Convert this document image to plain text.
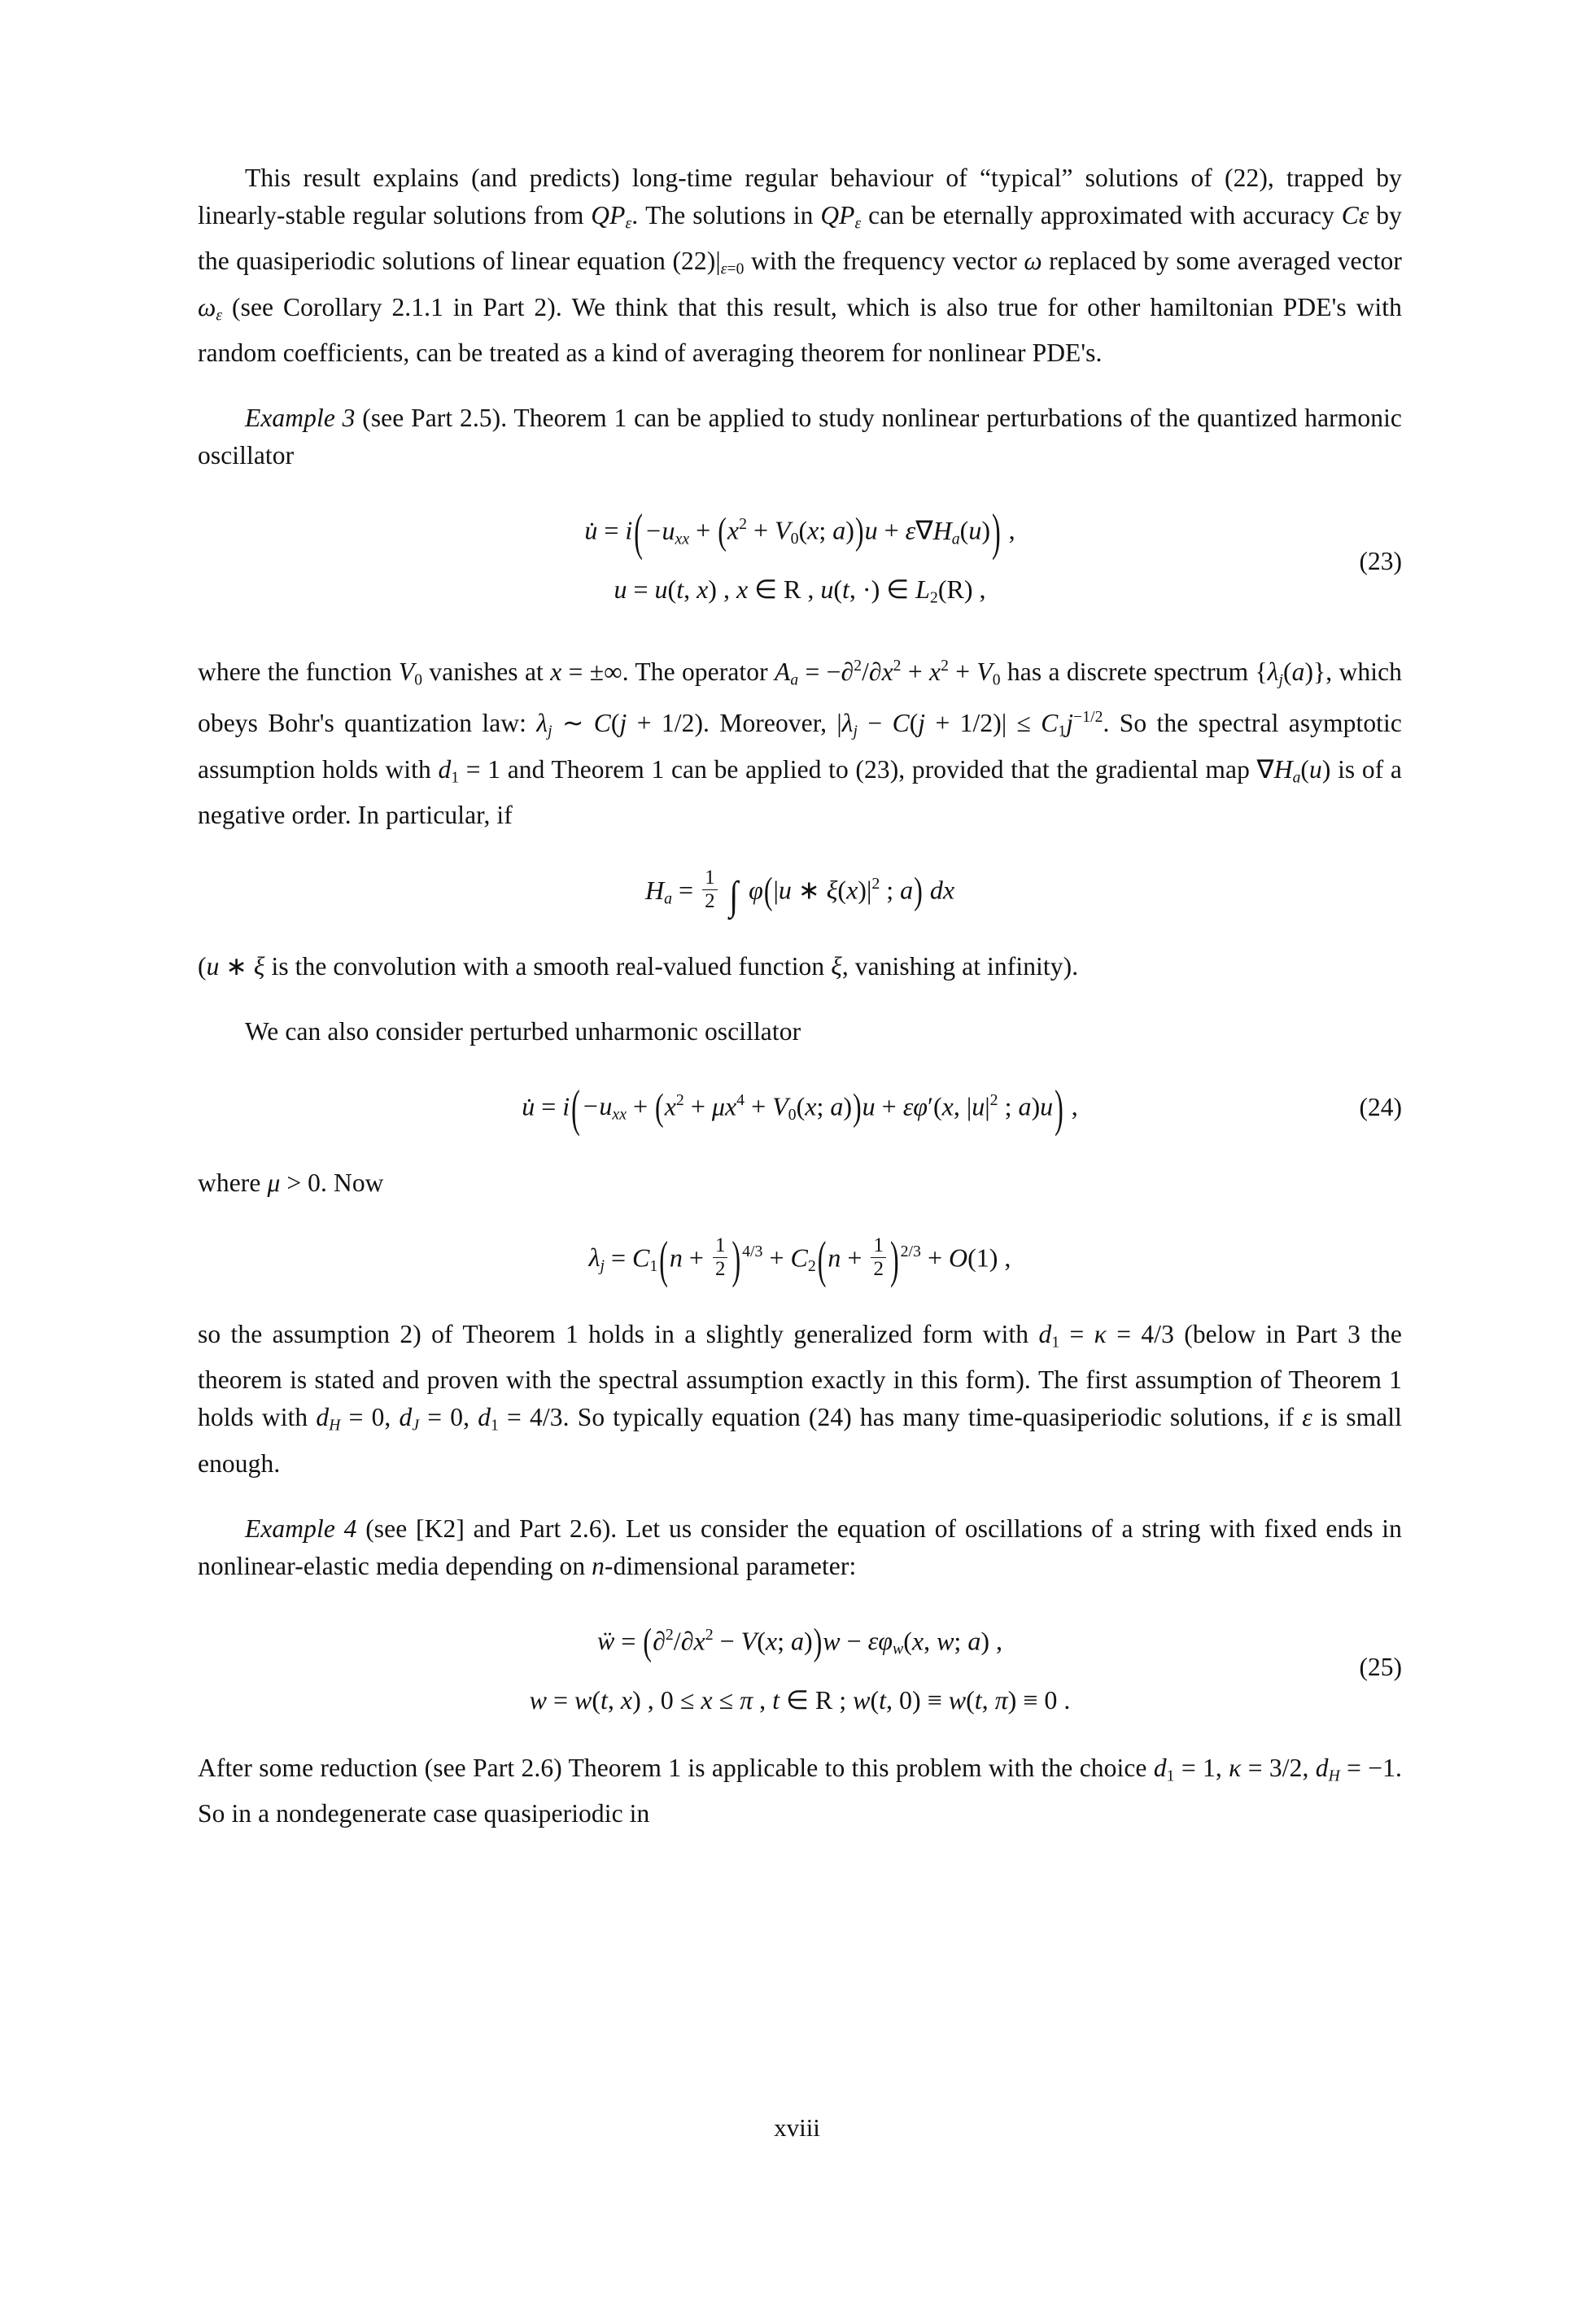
This result explains (and predicts) long-time regular behaviour of “typical” solutions of (22), trapped by linearly-stable regular solutions from $QP_\varepsilon$. The solutions in $QP_\varepsilon$ can be eternally approximated with accuracy Cε by the quasiperiodic solutions of linear equation $(22)|_{\varepsilon=0}$ with the frequency vector ω replaced by some averaged vector $\omega_\varepsilon$ (see Corollary 2.1.1 in Part 2). We think that this result, which is also true for other hamiltonian PDE's with random coefficients, can be treated as a kind of averaging theorem for nonlinear PDE's.

Example 3 (see Part 2.5). Theorem 1 can be applied to study nonlinear perturbations of the quantized harmonic oscillator

u̇ = $i(-u_{xx} + (x^2 + V_0(x$; $a))u + \varepsilon\nabla H_a(u)$) ,
u = u(t, x) , x ∈ R , u(t, ·) ∈ $L_2(R)$ ,
(23)

where the function $V_0$ vanishes at x = ±∞. The operator $A_a = -\partial^2/\partial x^2 + x^2 + V_0$ has a discrete spectrum $\{\lambda_j(a)\}$, which obeys Bohr's quantization law: $\lambda_j$ ∼ C(j + 1/2). Moreover, $|\lambda_j - C(j + 1/2)| \le C_1j^{-1/2}$. So the spectral asymptotic assumption holds with $d_1 = 1$ and Theorem 1 can be applied to (23), provided that the gradiental map $\nabla H_a(u)$ is of a negative order. In particular, if

$H_a = \frac{1}{2}$ ∫ φ(|u ∗ $\xi(x)|^2$ ; a) dx

(u ∗ ξ is the convolution with a smooth real-valued function ξ, vanishing at infinity).

We can also consider perturbed unharmonic oscillator

u̇ = $i(-u_{xx} + (x^2 + \mu x^4 + V_0(x$; a))u + εφ′(x, $|u|^2$ ; a)u) ,	(24)

where μ > 0. Now

$\lambda_j = C_1(n + \frac{1}{2}$ ) $^{4/3} + C_2(n + \frac{1}{2}$ ) $^{2/3}$ + O(1) ,

so the assumption 2) of Theorem 1 holds in a slightly generalized form with $d_1 = \kappa = 4/3$ (below in Part 3 the theorem is stated and proven with the spectral assumption exactly in this form). The first assumption of Theorem 1 holds with $d_H = 0$, $d_J = 0$, $d_1 = 4/3$. So typically equation (24) has many time-quasiperiodic solutions, if ε is small enough.

Example 4 (see [K2] and Part 2.6). Let us consider the equation of oscillations of a string with fixed ends in nonlinear-elastic media depending on n-dimensional parameter:

ẅ = ($\partial^2/\partial x^2 - V(x$; $a))w - \varepsilon\varphi_w(x$, w; a) ,
w = w(t, x) , 0 ≤ x ≤ π , t ∈ R ; w(t, 0) ≡ w(t, π) ≡ 0 .
(25)

After some reduction (see Part 2.6) Theorem 1 is applicable to this problem with the choice $d_1 = 1$, κ = 3/2, $d_H = -1$. So in a nondegenerate case quasiperiodic in

xviii
